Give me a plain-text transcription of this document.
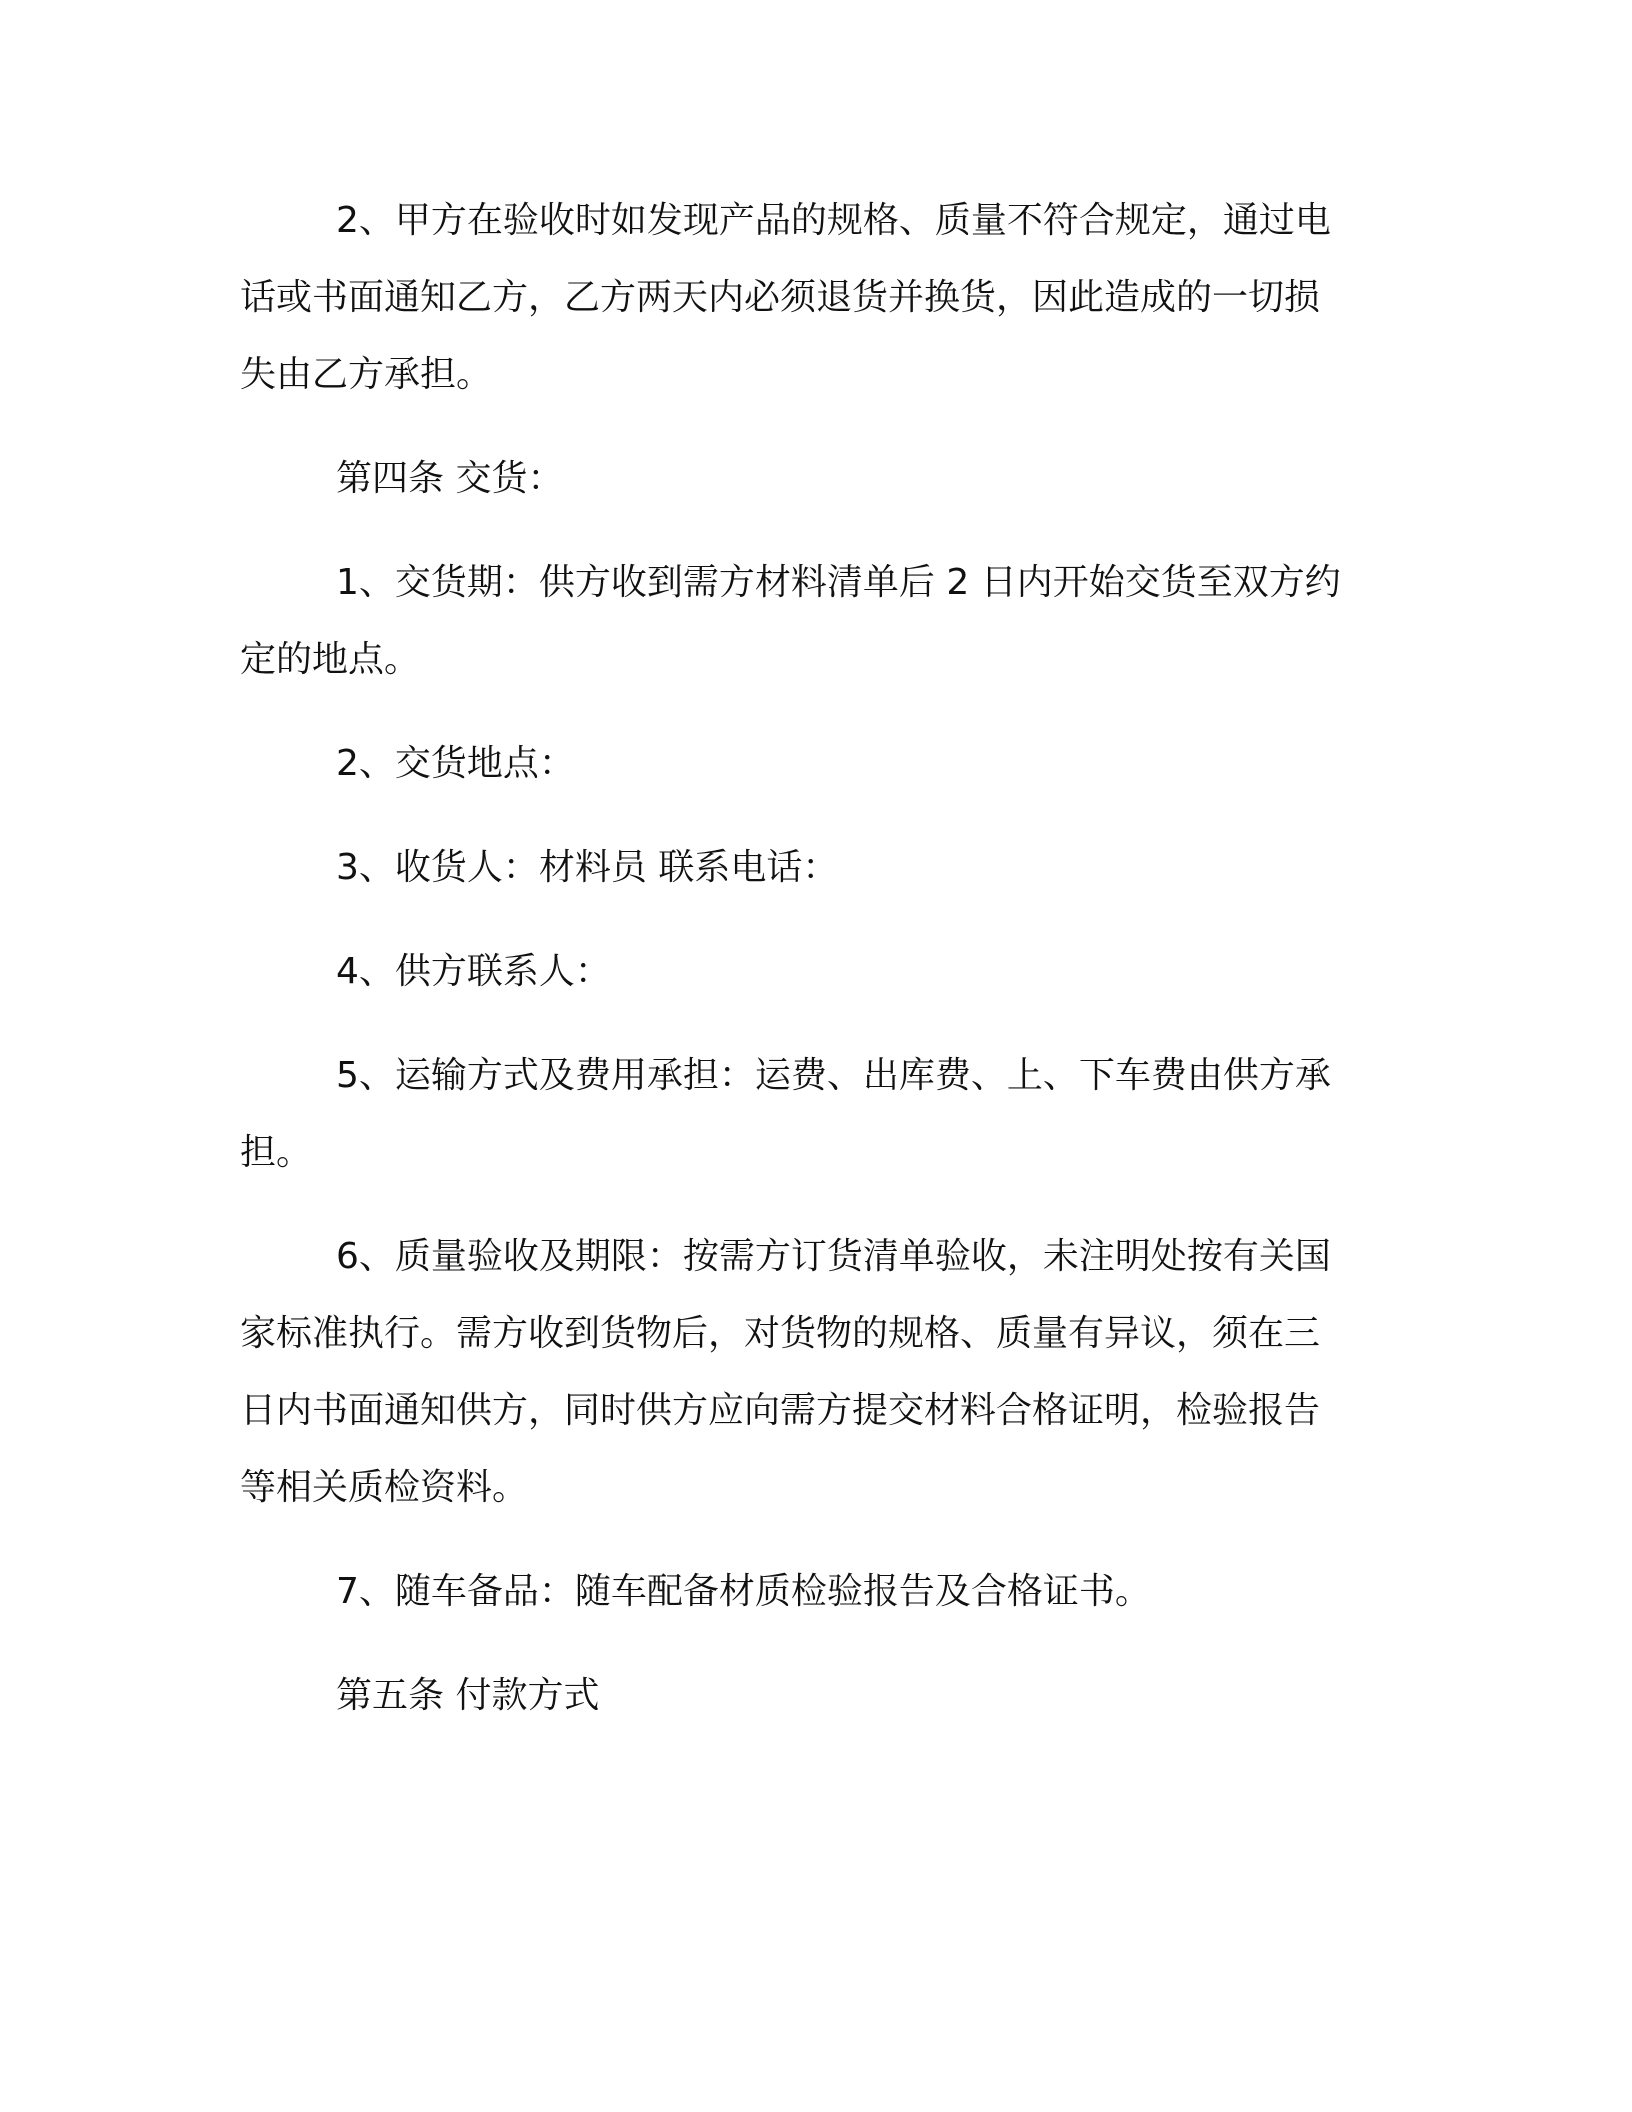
2、甲方在验收时如发现产品的规格、质量不符合规定，通过电
话或书面通知乙方，乙方两天内必须退货并换货，因此造成的一切损
失由乙方承担。

第四条 交货：

1、交货期：供方收到需方材料清单后 2 日内开始交货至双方约
定的地点。

2、交货地点：

3、收货人：材料员 联系电话：

4、供方联系人：

5、运输方式及费用承担：运费、出库费、上、下车费由供方承
担。

6、质量验收及期限：按需方订货清单验收，未注明处按有关国
家标准执行。需方收到货物后，对货物的规格、质量有异议，须在三
日内书面通知供方，同时供方应向需方提交材料合格证明，检验报告
等相关质检资料。

7、随车备品：随车配备材质检验报告及合格证书。

第五条 付款方式
